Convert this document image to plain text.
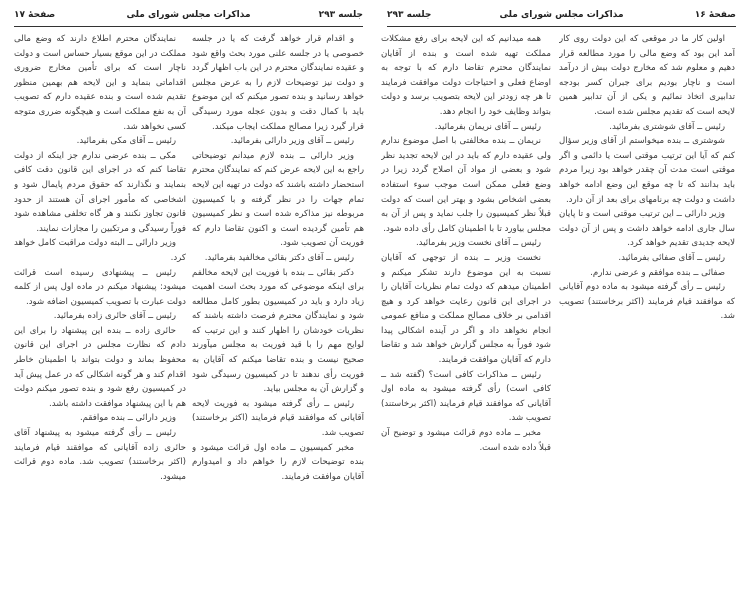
جلسه ۲۹۳
مذاکرات مجلس شورای ملی
صفحهٔ ۱۷

و اقدام قرار خواهد گرفت که یا در جلسه خصوصی یا در جلسه علنی مورد بحث واقع شود و عقیده نمایندگان محترم در این باب اظهار گردد و دولت نیز توضیحات لازم را به عرض مجلس خواهد رسانید و بنده تصور میکنم که این موضوع باید با کمال دقت و بدون عجله مورد رسیدگی قرار گیرد زیرا مصالح مملکت ایجاب میکند.

رئیس ــ آقای وزیر دارائی بفرمائید.

وزیر دارائی ــ بنده لازم میدانم توضیحاتی راجع به این لایحه عرض کنم که نمایندگان محترم استحضار داشته باشند که دولت در تهیه این لایحه تمام جهات را در نظر گرفته و با کمیسیون مربوطه نیز مذاکره شده است و نظر کمیسیون هم تأمین گردیده است و اکنون تقاضا دارم که فوریت آن تصویب شود.

رئیس ــ آقای دکتر بقائی مخالفید بفرمائید.

دکتر بقائی ــ بنده با فوریت این لایحه مخالفم برای اینکه موضوعی که مورد بحث است اهمیت زیاد دارد و باید در کمیسیون بطور کامل مطالعه شود و نمایندگان محترم فرصت داشته باشند که نظریات خودشان را اظهار کنند و این ترتیب که لوایح مهم را با قید فوریت به مجلس میآورند صحیح نیست و بنده تقاضا میکنم که آقایان به فوریت رأی ندهند تا در کمیسیون رسیدگی شود و گزارش آن به مجلس بیاید.

رئیس ــ رأی گرفته میشود به فوریت لایحه آقایانی که موافقند قیام فرمایند (اکثر برخاستند) تصویب شد.

مخبر کمیسیون ــ ماده اول قرائت میشود و بنده توضیحات لازم را خواهم داد و امیدوارم آقایان موافقت فرمایند.

نمایندگان محترم اطلاع دارند که وضع مالی مملکت در این موقع بسیار حساس است و دولت ناچار است که برای تأمین مخارج ضروری اقداماتی بنماید و این لایحه هم بهمین منظور تقدیم شده است و بنده عقیده دارم که تصویب آن به نفع مملکت است و هیچگونه ضرری متوجه کسی نخواهد شد.

رئیس ــ آقای مکی بفرمائید.

مکی ــ بنده عرضی ندارم جز اینکه از دولت تقاضا کنم که در اجرای این قانون دقت کافی بنمایند و نگذارند که حقوق مردم پایمال شود و اشخاصی که مأمور اجرای آن هستند از حدود قانون تجاوز نکنند و هر گاه تخلفی مشاهده شود فوراً رسیدگی و مرتکبین را مجازات نمایند.

وزیر دارائی ــ البته دولت مراقبت کامل خواهد کرد.

رئیس ــ پیشنهادی رسیده است قرائت میشود: پیشنهاد میکنم در ماده اول پس از کلمه دولت عبارت با تصویب کمیسیون اضافه شود.

رئیس ــ آقای حائری زاده بفرمائید.

حائری زاده ــ بنده این پیشنهاد را برای این دادم که نظارت مجلس در اجرای این قانون محفوظ بماند و دولت بتواند با اطمینان خاطر اقدام کند و هر گونه اشکالی که در عمل پیش آید در کمیسیون رفع شود و بنده تصور میکنم دولت هم با این پیشنهاد موافقت داشته باشد.

وزیر دارائی ــ بنده موافقم.

رئیس ــ رأی گرفته میشود به پیشنهاد آقای حائری زاده آقایانی که موافقند قیام فرمایند (اکثر برخاستند) تصویب شد. ماده دوم قرائت میشود.

صفحهٔ ۱۶
مذاکرات مجلس شورای ملی
جلسه ۲۹۳

همه میدانیم که این لایحه برای رفع مشکلات مملکت تهیه شده است و بنده از آقایان نمایندگان محترم تقاضا دارم که با توجه به اوضاع فعلی و احتیاجات دولت موافقت فرمایند تا هر چه زودتر این لایحه بتصویب برسد و دولت بتواند وظایف خود را انجام دهد.

رئیس ــ آقای نریمان بفرمائید.

نریمان ــ بنده مخالفتی با اصل موضوع ندارم ولی عقیده دارم که باید در این لایحه تجدید نظر شود و بعضی از مواد آن اصلاح گردد زیرا در وضع فعلی ممکن است موجب سوء استفاده بعضی اشخاص بشود و بهتر این است که دولت قبلاً نظر کمیسیون را جلب نماید و پس از آن به مجلس بیاورد تا با اطمینان کامل رأی داده شود.

رئیس ــ آقای نخست وزیر بفرمائید.

نخست وزیر ــ بنده از توجهی که آقایان نسبت به این موضوع دارند تشکر میکنم و اطمینان میدهم که دولت تمام نظریات آقایان را در اجرای این قانون رعایت خواهد کرد و هیچ اقدامی بر خلاف مصالح مملکت و منافع عمومی انجام نخواهد داد و اگر در آینده اشکالی پیدا شود فوراً به مجلس گزارش خواهد شد و تقاضا دارم که آقایان موافقت فرمایند.

رئیس ــ مذاکرات کافی است؟ (گفته شد ــ کافی است) رأی گرفته میشود به ماده اول آقایانی که موافقند قیام فرمایند (اکثر برخاستند) تصویب شد.

مخبر ــ ماده دوم قرائت میشود و توضیح آن قبلاً داده شده است.

اولین کار ما در موقعی که این دولت روی کار آمد این بود که وضع مالی را مورد مطالعه قرار دهیم و معلوم شد که مخارج دولت بیش از درآمد است و ناچار بودیم برای جبران کسر بودجه تدابیری اتخاذ نمائیم و یکی از آن تدابیر همین لایحه است که تقدیم مجلس شده است.

رئیس ــ آقای شوشتری بفرمائید.

شوشتری ــ بنده میخواستم از آقای وزیر سؤال کنم که آیا این ترتیب موقتی است یا دائمی و اگر موقتی است مدت آن چقدر خواهد بود زیرا مردم باید بدانند که تا چه موقع این وضع ادامه خواهد داشت و دولت چه برنامهای برای بعد از آن دارد.

وزیر دارائی ــ این ترتیب موقتی است و تا پایان سال جاری ادامه خواهد داشت و پس از آن دولت لایحه جدیدی تقدیم خواهد کرد.

رئیس ــ آقای صفائی بفرمائید.

صفائی ــ بنده موافقم و عرضی ندارم.

رئیس ــ رأی گرفته میشود به ماده دوم آقایانی که موافقند قیام فرمایند (اکثر برخاستند) تصویب شد.
